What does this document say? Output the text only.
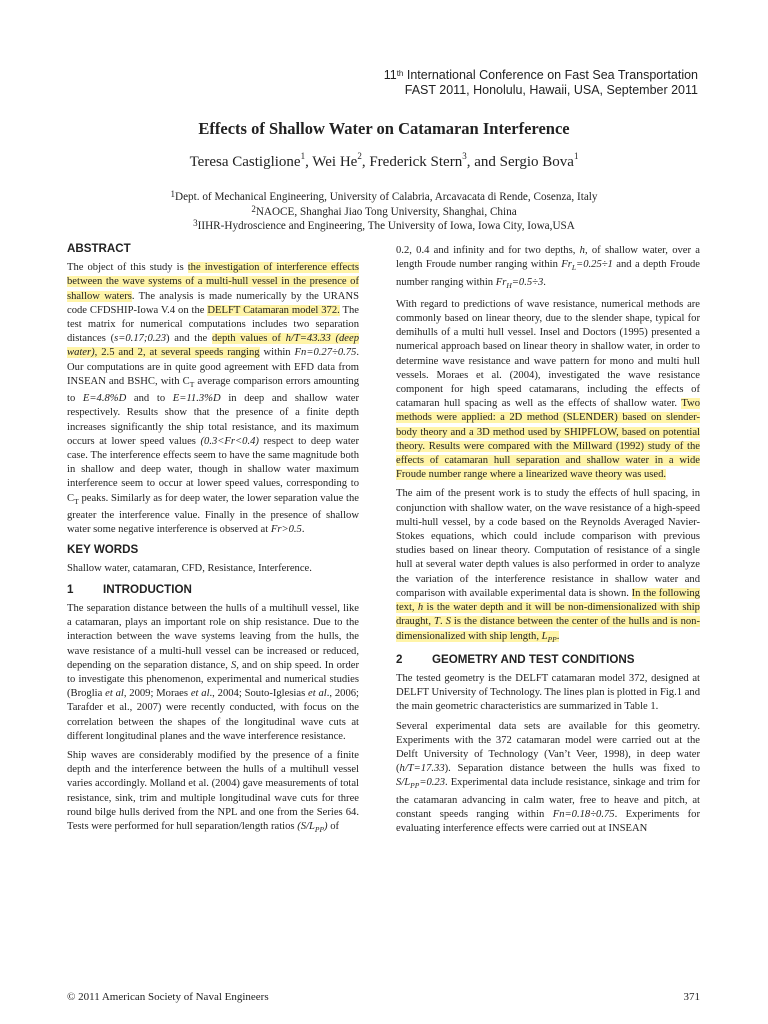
11th International Conference on Fast Sea Transportation
FAST 2011, Honolulu, Hawaii, USA, September 2011
Effects of Shallow Water on Catamaran Interference
Teresa Castiglione$^1$, Wei He$^2$, Frederick Stern$^3$, and Sergio Bova$^1$
$^1$Dept. of Mechanical Engineering, University of Calabria, Arcavacata di Rende, Cosenza, Italy
$^2$NAOCE, Shanghai Jiao Tong University, Shanghai, China
$^3$IIHR-Hydroscience and Engineering, The University of Iowa, Iowa City, Iowa,USA
ABSTRACT

The object of this study is the investigation of interference effects between the wave systems of a multi-hull vessel in the presence of shallow waters. The analysis is made numerically by the URANS code CFDSHIP-Iowa V.4 on the DELFT Catamaran model 372. The test matrix for numerical computations includes two separation distances (s=0.17;0.23) and the depth values of h/T=43.33 (deep water), 2.5 and 2, at several speeds ranging within Fn=0.27÷0.75. Our computations are in quite good agreement with EFD data from INSEAN and BSHC, with $C_T$ average comparison errors amounting to E=4.8%D and to E=11.3%D in deep and shallow water respectively. Results show that the presence of a finite depth increases significantly the ship total resistance, and its maximum occurs at lower speed values (0.3<Fr<0.4) respect to deep water case. The interference effects seem to have the same magnitude both in shallow and deep water, though in shallow water maximum interference seem to occur at lower speed values, corresponding to $C_T$ peaks. Similarly as for deep water, the lower separation value the greater the interference value. Finally in the presence of shallow water some negative interference is observed at Fr>0.5.

KEY WORDS

Shallow water, catamaran, CFD, Resistance, Interference.

1	INTRODUCTION

The separation distance between the hulls of a multihull vessel, like a catamaran, plays an important role on ship resistance. Due to the interaction between the wave systems leaving from the hulls, the wave resistance of a multi-hull vessel can be increased or reduced, depending on the separation distance, S, and on ship speed. In order to investigate this phenomenon, experimental and numerical studies (Broglia et al, 2009; Moraes et al., 2004; Souto-Iglesias et al., 2006; Tarafder et al., 2007) were recently conducted, with focus on the correlation between the shapes of the longitudinal wave cuts at different longitudinal planes and the wave interference resistance.

Ship waves are considerably modified by the presence of a finite depth and the interference between the hulls of a multihull vessel varies accordingly. Molland et al. (2004) gave measurements of total resistance, sink, trim and multiple longitudinal wave cuts for three round bilge hulls derived from the NPL and one from the Series 64. Tests were performed for hull separation/length ratios $(S/L_{PP})$ of

0.2, 0.4 and infinity and for two depths, h, of shallow water, over a length Froude number ranging within $Fr_L=0.25\div 1$ and a depth Froude number ranging within $Fr_H=0.5\div 3$.

With regard to predictions of wave resistance, numerical methods are commonly based on linear theory, due to the slender shape, typical for demihulls of a multi hull vessel. Insel and Doctors (1995) presented a numerical approach based on linear theory in shallow water, in order to determine wave resistance and wave pattern for mono and multi hull vessels. Moraes et al. (2004), investigated the wave resistance component for high speed catamarans, including the effects of catamaran hull spacing as well as the effects of shallow water. Two methods were applied: a 2D method (SLENDER) based on slender-body theory and a 3D method used by SHIPFLOW, based on potential theory. Results were compared with the Millward (1992) study of the effects of catamaran hull separation and shallow water in a wide Froude number range where a linearized wave theory was used.

The aim of the present work is to study the effects of hull spacing, in conjunction with shallow water, on the wave resistance of a high-speed multi-hull vessel, by a code based on the Reynolds Averaged Navier-Stokes equations, which could include comparison with previous studies based on linear theory. Computation of resistance of a single hull at several water depth values is also performed in order to analyze the variation of the interference resistance in shallow water and comparison with available experimental data is shown. In the following text, h is the water depth and it will be non-dimensionalized with ship draught, T. S is the distance between the center of the hulls and is non-dimensionalized with ship length, $L_{PP}$.

2	GEOMETRY AND TEST CONDITIONS

The tested geometry is the DELFT catamaran model 372, designed at DELFT University of Technology. The lines plan is plotted in Fig.1 and the main geometric characteristics are summarized in Table 1.

Several experimental data sets are available for this geometry. Experiments with the 372 catamaran model were carried out at the Delft University of Technology (Van’t Veer, 1998), in deep water (h/T=17.33). Separation distance between the hulls was fixed to $S/L_{PP}=0.23$. Experimental data include resistance, sinkage and trim for the catamaran advancing in calm water, free to heave and pitch, at constant speeds ranging within Fn=0.18÷0.75. Experiments for evaluating interference effects were carried out at INSEAN

© 2011 American Society of Naval Engineers	371
